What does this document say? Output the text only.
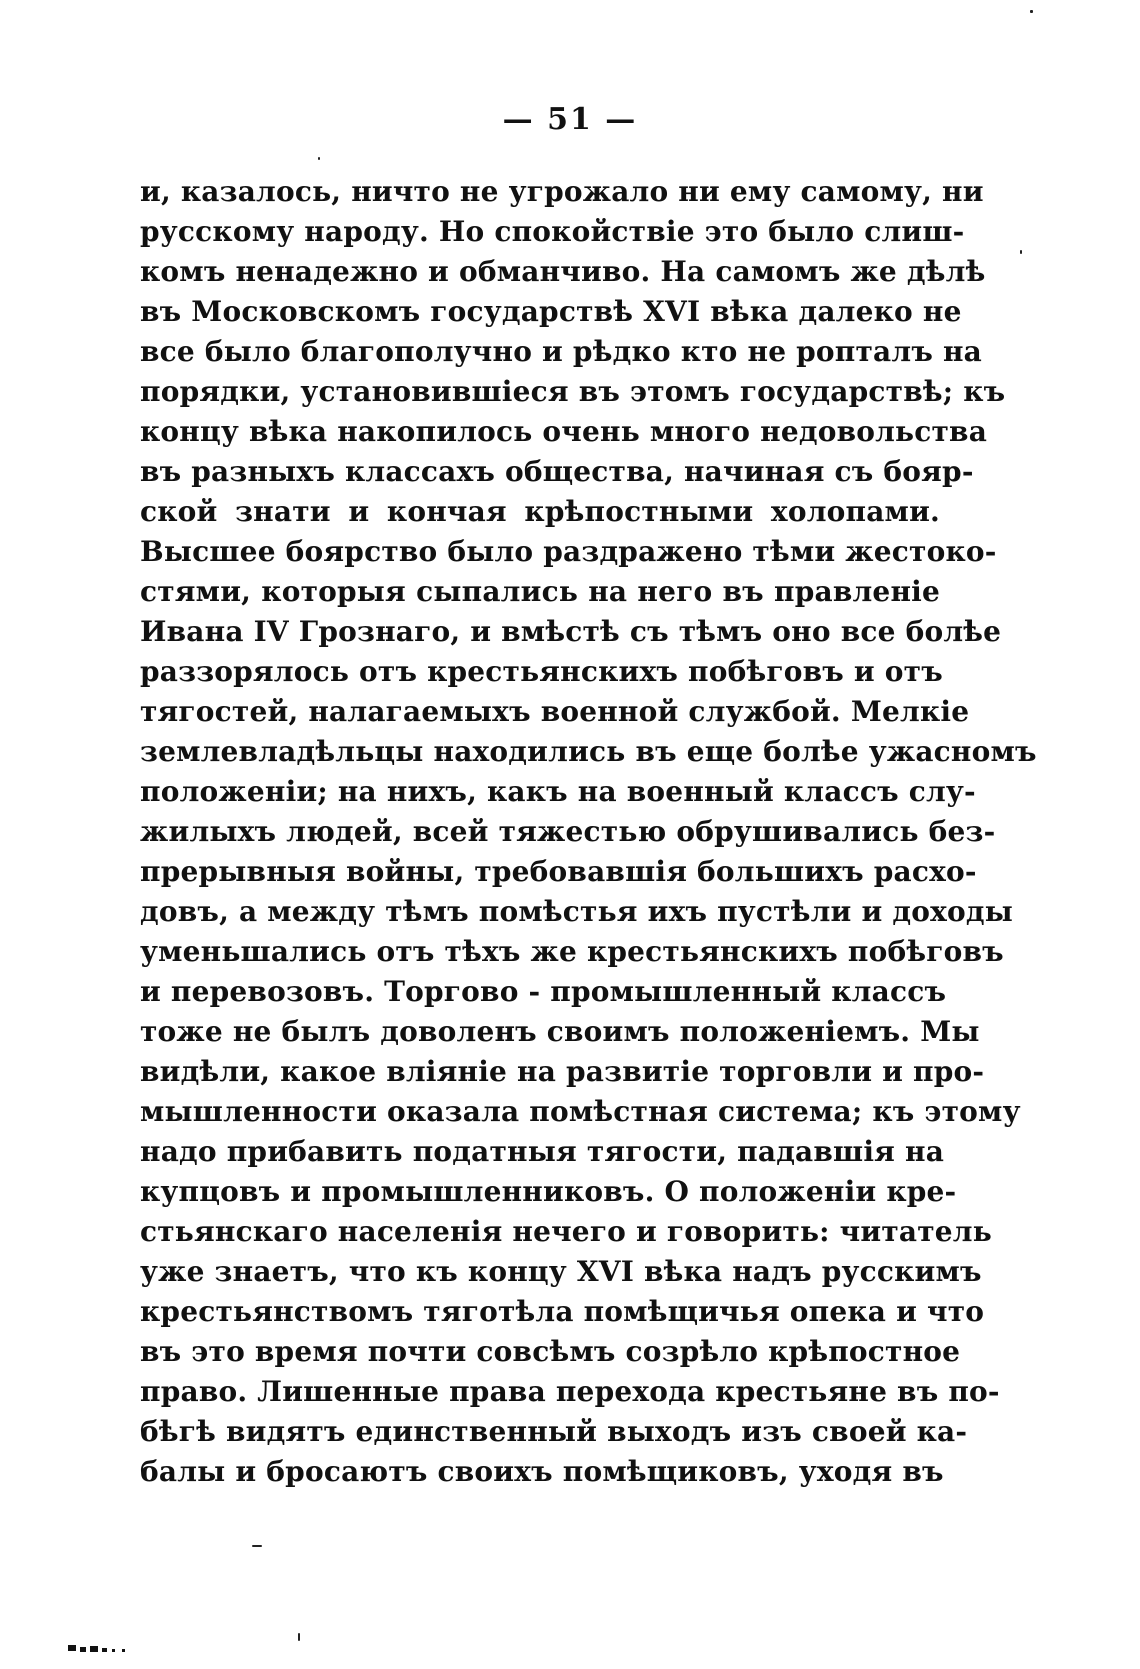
— 51 —
и, казалось, ничто не угрожало ни ему самому, ни
русскому народу. Но спокойствіе это было слиш-
комъ ненадежно и обманчиво. На самомъ же дѣлѣ
въ Московскомъ государствѣ XVI вѣка далеко не
все было благополучно и рѣдко кто не ропталъ на
порядки, установившіеся въ этомъ государствѣ; къ
концу вѣка накопилось очень много недовольства
въ разныхъ классахъ общества, начиная съ бояр-
ской знати и кончая крѣпостными холопами.
Высшее боярство было раздражено тѣми жестоко-
стями, которыя сыпались на него въ правленіе
Ивана IV Грознаго, и вмѣстѣ съ тѣмъ оно все болѣе
раззорялось отъ крестьянскихъ побѣговъ и отъ
тягостей, налагаемыхъ военной службой. Мелкіе
землевладѣльцы находились въ еще болѣе ужасномъ
положеніи; на нихъ, какъ на военный классъ слу-
жилыхъ людей, всей тяжестью обрушивались без-
прерывныя войны, требовавшія большихъ расхо-
довъ, а между тѣмъ помѣстья ихъ пустѣли и доходы
уменьшались отъ тѣхъ же крестьянскихъ побѣговъ
и перевозовъ. Торгово - промышленный классъ
тоже не былъ доволенъ своимъ положеніемъ. Мы
видѣли, какое вліяніе на развитіе торговли и про-
мышленности оказала помѣстная система; къ этому
надо прибавить податныя тягости, падавшія на
купцовъ и промышленниковъ. О положеніи кре-
стьянскаго населенія нечего и говорить: читатель
уже знаетъ, что къ концу XVI вѣка надъ русскимъ
крестьянствомъ тяготѣла помѣщичья опека и что
въ это время почти совсѣмъ созрѣло крѣпостное
право. Лишенные права перехода крестьяне въ по-
бѣгѣ видятъ единственный выходъ изъ своей ка-
балы и бросаютъ своихъ помѣщиковъ, уходя въ
